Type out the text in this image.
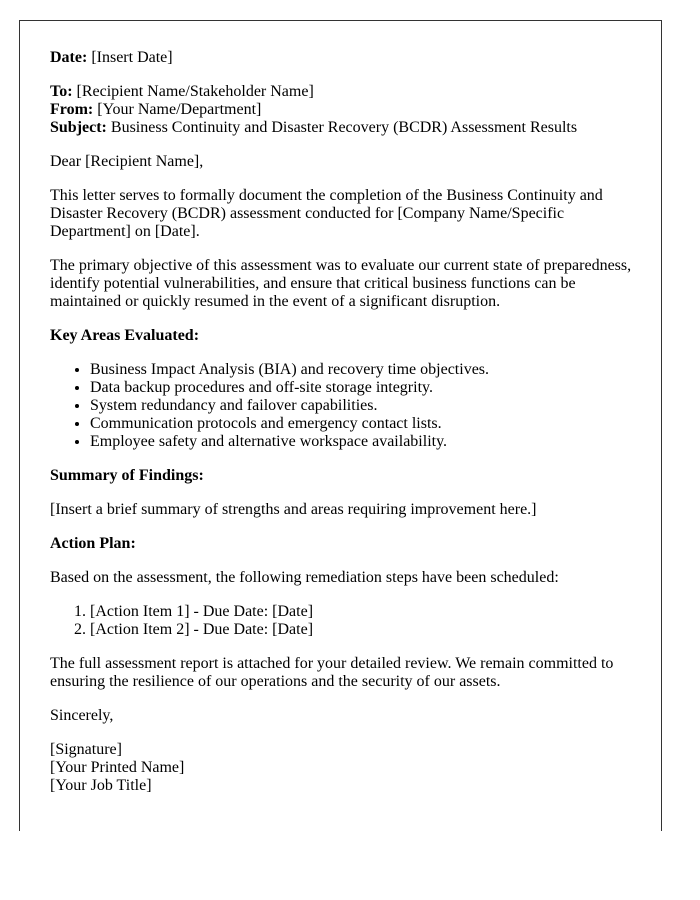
Date: [Insert Date]

To: [Recipient Name/Stakeholder Name]
From: [Your Name/Department]
Subject: Business Continuity and Disaster Recovery (BCDR) Assessment Results

Dear [Recipient Name],

This letter serves to formally document the completion of the Business Continuity and Disaster Recovery (BCDR) assessment conducted for [Company Name/Specific Department] on [Date].

The primary objective of this assessment was to evaluate our current state of preparedness, identify potential vulnerabilities, and ensure that critical business functions can be maintained or quickly resumed in the event of a significant disruption.

Key Areas Evaluated:

• Business Impact Analysis (BIA) and recovery time objectives.
• Data backup procedures and off-site storage integrity.
• System redundancy and failover capabilities.
• Communication protocols and emergency contact lists.
• Employee safety and alternative workspace availability.

Summary of Findings:

[Insert a brief summary of strengths and areas requiring improvement here.]

Action Plan:

Based on the assessment, the following remediation steps have been scheduled:

1. [Action Item 1] - Due Date: [Date]
2. [Action Item 2] - Due Date: [Date]

The full assessment report is attached for your detailed review. We remain committed to ensuring the resilience of our operations and the security of our assets.

Sincerely,

[Signature]
[Your Printed Name]
[Your Job Title]
